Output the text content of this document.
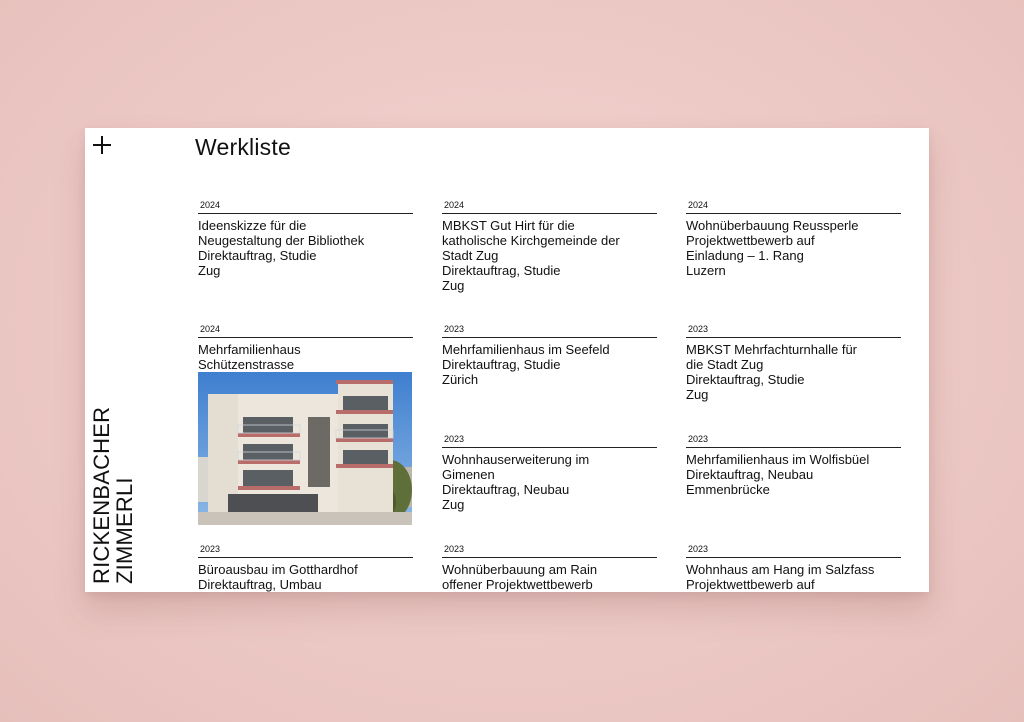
RICKENBACHER
ZIMMERLI
Werkliste
2024
Ideenskizze für die
Neugestaltung der Bibliothek
Direktauftrag, Studie
Zug
2024
MBKST Gut Hirt für die
katholische Kirchgemeinde der
Stadt Zug
Direktauftrag, Studie
Zug
2024
Wohnüberbauung Reussperle
Projektwettbewerb auf
Einladung – 1. Rang
Luzern
2024
Mehrfamilienhaus
Schützenstrasse
2023
Mehrfamilienhaus im Seefeld
Direktauftrag, Studie
Zürich
2023
MBKST Mehrfachturnhalle für
die Stadt Zug
Direktauftrag, Studie
Zug
2023
Wohnhauserweiterung im
Gimenen
Direktauftrag, Neubau
Zug
2023
Mehrfamilienhaus im Wolfisbüel
Direktauftrag, Neubau
Emmenbrücke
2023
Büroausbau im Gotthardhof
Direktauftrag, Umbau
2023
Wohnüberbauung am Rain
offener Projektwettbewerb
2023
Wohnhaus am Hang im Salzfass
Projektwettbewerb auf
